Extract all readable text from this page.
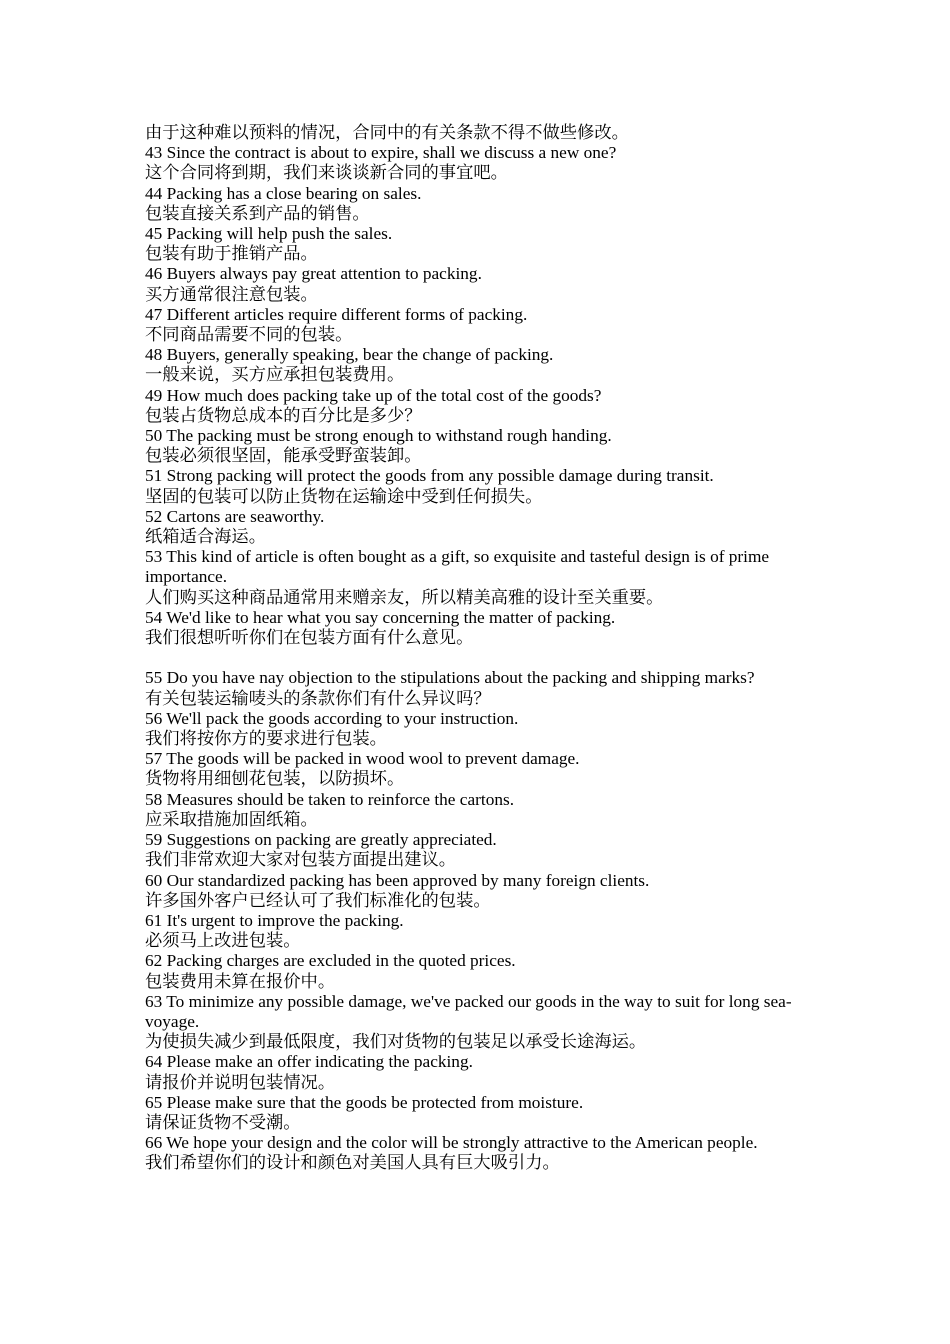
由于这种难以预料的情况，合同中的有关条款不得不做些修改。
43 Since the contract is about to expire, shall we discuss a new one?
这个合同将到期，我们来谈谈新合同的事宜吧。
44 Packing has a close bearing on sales.
包装直接关系到产品的销售。
45 Packing will help push the sales.
包装有助于推销产品。
46 Buyers always pay great attention to packing.
买方通常很注意包装。
47 Different articles require different forms of packing.
不同商品需要不同的包装。
48 Buyers, generally speaking, bear the change of packing.
一般来说，买方应承担包装费用。
49 How much does packing take up of the total cost of the goods?
包装占货物总成本的百分比是多少？
50 The packing must be strong enough to withstand rough handing.
包装必须很坚固，能承受野蛮装卸。
51 Strong packing will protect the goods from any possible damage during transit.
坚固的包装可以防止货物在运输途中受到任何损失。
52 Cartons are seaworthy.
纸箱适合海运。
53 This kind of article is often bought as a gift, so exquisite and tasteful design is of prime importance.
人们购买这种商品通常用来赠亲友，所以精美高雅的设计至关重要。
54 We'd like to hear what you say concerning the matter of packing.
我们很想听听你们在包装方面有什么意见。
55 Do you have nay objection to the stipulations about the packing and shipping marks?
有关包装运输唛头的条款你们有什么异议吗？
56 We'll pack the goods according to your instruction.
我们将按你方的要求进行包装。
57 The goods will be packed in wood wool to prevent damage.
货物将用细刨花包装，以防损坏。
58 Measures should be taken to reinforce the cartons.
应采取措施加固纸箱。
59 Suggestions on packing are greatly appreciated.
我们非常欢迎大家对包装方面提出建议。
60 Our standardized packing has been approved by many foreign clients.
许多国外客户已经认可了我们标准化的包装。
61 It's urgent to improve the packing.
必须马上改进包装。
62 Packing charges are excluded in the quoted prices.
包装费用未算在报价中。
63 To minimize any possible damage, we've packed our goods in the way to suit for long sea-voyage.
为使损失减少到最低限度，我们对货物的包装足以承受长途海运。
64 Please make an offer indicating the packing.
请报价并说明包装情况。
65 Please make sure that the goods be protected from moisture.
请保证货物不受潮。
66 We hope your design and the color will be strongly attractive to the American people.
我们希望你们的设计和颜色对美国人具有巨大吸引力。
